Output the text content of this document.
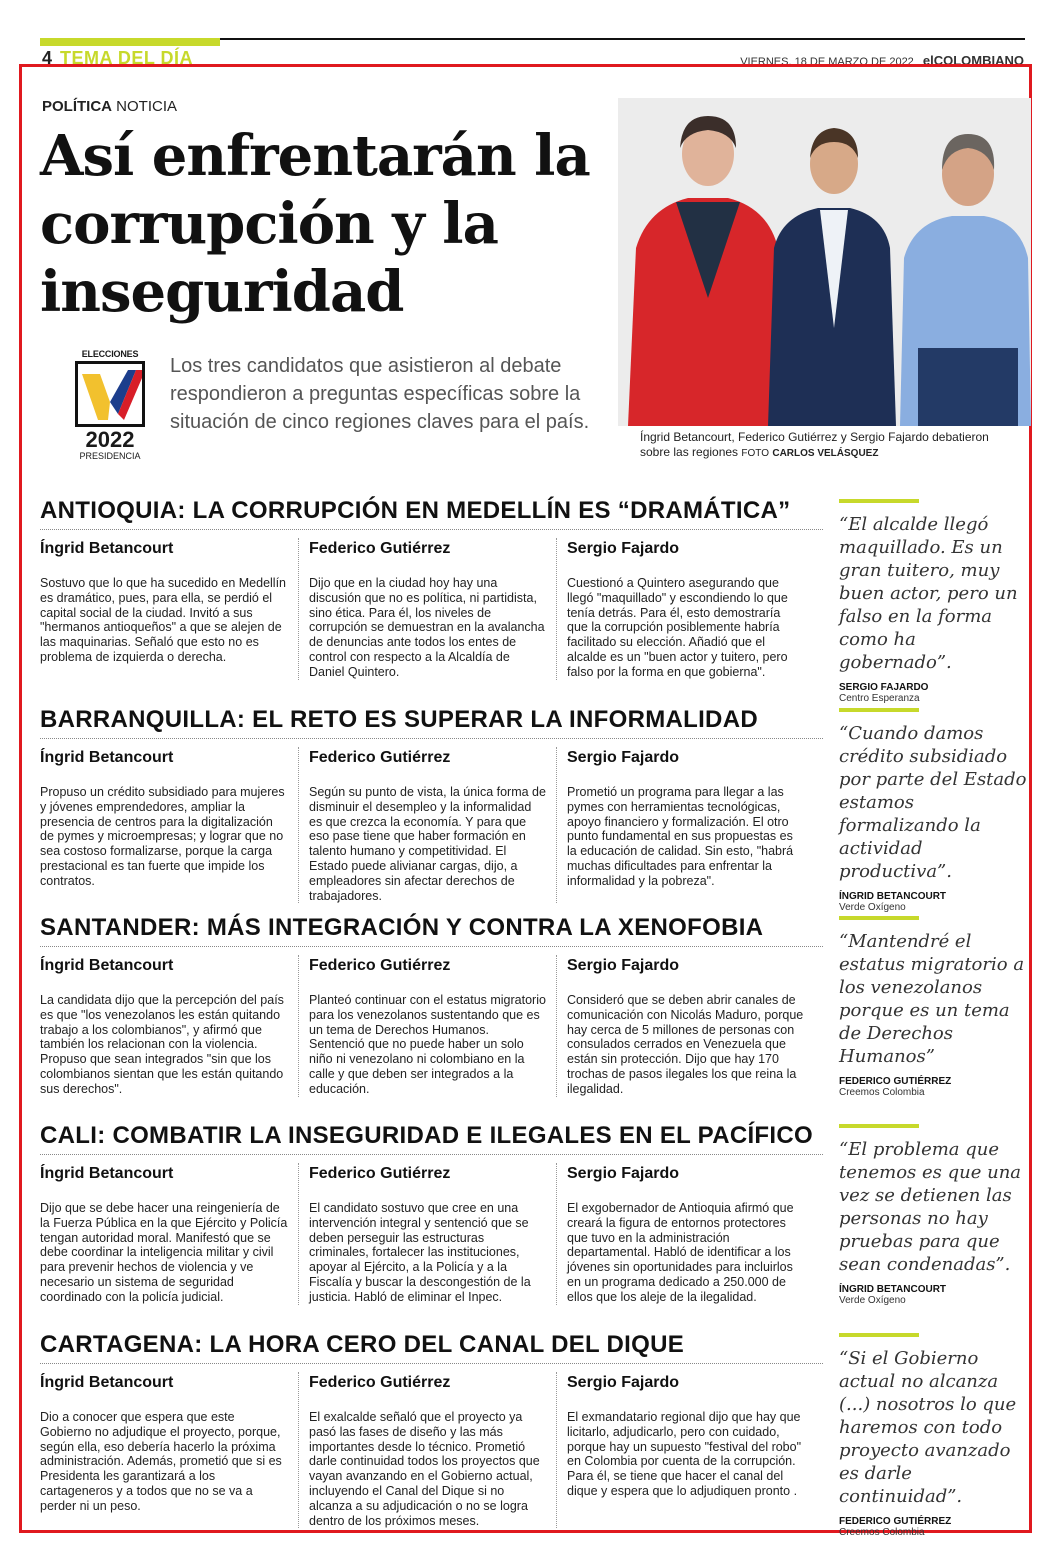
4 TEMA DEL DÍA	VIERNES, 18 DE MARZO DE 2022 elCOLOMBIANO
POLÍTICA NOTICIA
Así enfrentarán la corrupción y la inseguridad
ELECCIONES
2022
PRESIDENCIA
Los tres candidatos que asistieron al debate respondieron a preguntas específicas sobre la situación de cinco regiones claves para el país.
Íngrid Betancourt, Federico Gutiérrez y Sergio Fajardo debatieron sobre las regiones FOTO CARLOS VELÁSQUEZ
ANTIOQUIA: LA CORRUPCIÓN EN MEDELLÍN ES “DRAMÁTICA”
Íngrid Betancourt

Sostuvo que lo que ha sucedido en Medellín es dramático, pues, para ella, se perdió el capital social de la ciudad. Invitó a sus "hermanos antioqueños" a que se alejen de las maquinarias. Señaló que esto no es problema de izquierda o derecha.

Federico Gutiérrez

Dijo que en la ciudad hoy hay una discusión que no es política, ni partidista, sino ética. Para él, los niveles de corrupción se demuestran en la avalancha de denuncias ante todos los entes de control con respecto a la Alcaldía de Daniel Quintero.

Sergio Fajardo

Cuestionó a Quintero asegurando que llegó "maquillado" y escondiendo lo que tenía detrás. Para él, esto demostraría que la corrupción posiblemente habría facilitado su elección. Añadió que el alcalde es un "buen actor y tuitero, pero falso por la forma en que gobierna".

BARRANQUILLA: EL RETO ES SUPERAR LA INFORMALIDAD
Íngrid Betancourt

Propuso un crédito subsidiado para mujeres y jóvenes emprendedores, ampliar la presencia de centros para la digitalización de pymes y microempresas; y lograr que no sea costoso formalizarse, porque la carga prestacional es tan fuerte que impide los contratos.

Federico Gutiérrez

Según su punto de vista, la única forma de disminuir el desempleo y la informalidad es que crezca la economía. Y para que eso pase tiene que haber formación en talento humano y competitividad. El Estado puede alivianar cargas, dijo, a empleadores sin afectar derechos de trabajadores.

Sergio Fajardo

Prometió un programa para llegar a las pymes con herramientas tecnológicas, apoyo financiero y formalización. El otro punto fundamental en sus propuestas es la educación de calidad. Sin esto, "habrá muchas dificultades para enfrentar la informalidad y la pobreza".

SANTANDER: MÁS INTEGRACIÓN Y CONTRA LA XENOFOBIA
Íngrid Betancourt

La candidata dijo que la percepción del país es que "los venezolanos les están quitando trabajo a los colombianos", y afirmó que también los relacionan con la violencia. Propuso que sean integrados "sin que los colombianos sientan que les están quitando sus derechos".

Federico Gutiérrez

Planteó continuar con el estatus migratorio para los venezolanos sustentando que es un tema de Derechos Humanos. Sentenció que no puede haber un solo niño ni venezolano ni colombiano en la calle y que deben ser integrados a la educación.

Sergio Fajardo

Consideró que se deben abrir canales de comunicación con Nicolás Maduro, porque hay cerca de 5 millones de personas con consulados cerrados en Venezuela que están sin protección. Dijo que hay 170 trochas de pasos ilegales los que reina la ilegalidad.

CALI: COMBATIR LA INSEGURIDAD E ILEGALES EN EL PACÍFICO
Íngrid Betancourt

Dijo que se debe hacer una reingeniería de la Fuerza Pública en la que Ejército y Policía tengan autoridad moral. Manifestó que se debe coordinar la inteligencia militar y civil para prevenir hechos de violencia y ve necesario un sistema de seguridad coordinado con la policía judicial.

Federico Gutiérrez

El candidato sostuvo que cree en una intervención integral y sentenció que se deben perseguir las estructuras criminales, fortalecer las instituciones, apoyar al Ejército, a la Policía y a la Fiscalía y buscar la descongestión de la justicia. Habló de eliminar el Inpec.

Sergio Fajardo

El exgobernador de Antioquia afirmó que creará la figura de entornos protectores que tuvo en la administración departamental. Habló de identificar a los jóvenes sin oportunidades para incluirlos en un programa dedicado a 250.000 de ellos que los aleje de la ilegalidad.

CARTAGENA: LA HORA CERO DEL CANAL DEL DIQUE
Íngrid Betancourt

Dio a conocer que espera que este Gobierno no adjudique el proyecto, porque, según ella, eso debería hacerlo la próxima administración. Además, prometió que si es Presidenta les garantizará a los cartageneros y a todos que no se va a perder ni un peso.

Federico Gutiérrez

El exalcalde señaló que el proyecto ya pasó las fases de diseño y las más importantes desde lo técnico. Prometió darle continuidad todos los proyectos que vayan avanzando en el Gobierno actual, incluyendo el Canal del Dique si no alcanza a su adjudicación o no se logra dentro de los próximos meses.

Sergio Fajardo

El exmandatario regional dijo que hay que licitarlo, adjudicarlo, pero con cuidado, porque hay un supuesto "festival del robo" en Colombia por cuenta de la corrupción. Para él, se tiene que hacer el canal del dique y espera que lo adjudiquen pronto .

“El alcalde llegó maquillado. Es un gran tuitero, muy buen actor, pero un falso en la forma como ha gobernado”.

SERGIO FAJARDO
Centro Esperanza

“Cuando damos crédito subsidiado por parte del Estado estamos formalizando la actividad productiva”.

ÍNGRID BETANCOURT
Verde Oxígeno

“Mantendré el estatus migratorio a los venezolanos porque es un tema de Derechos Humanos”

FEDERICO GUTIÉRREZ
Creemos Colombia

“El problema que tenemos es que una vez se detienen las personas no hay pruebas para que sean condenadas”.

ÍNGRID BETANCOURT
Verde Oxígeno

“Si el Gobierno actual no alcanza (...) nosotros lo que haremos con todo proyecto avanzado es darle continuidad”.

FEDERICO GUTIÉRREZ
Creemos Colombia
